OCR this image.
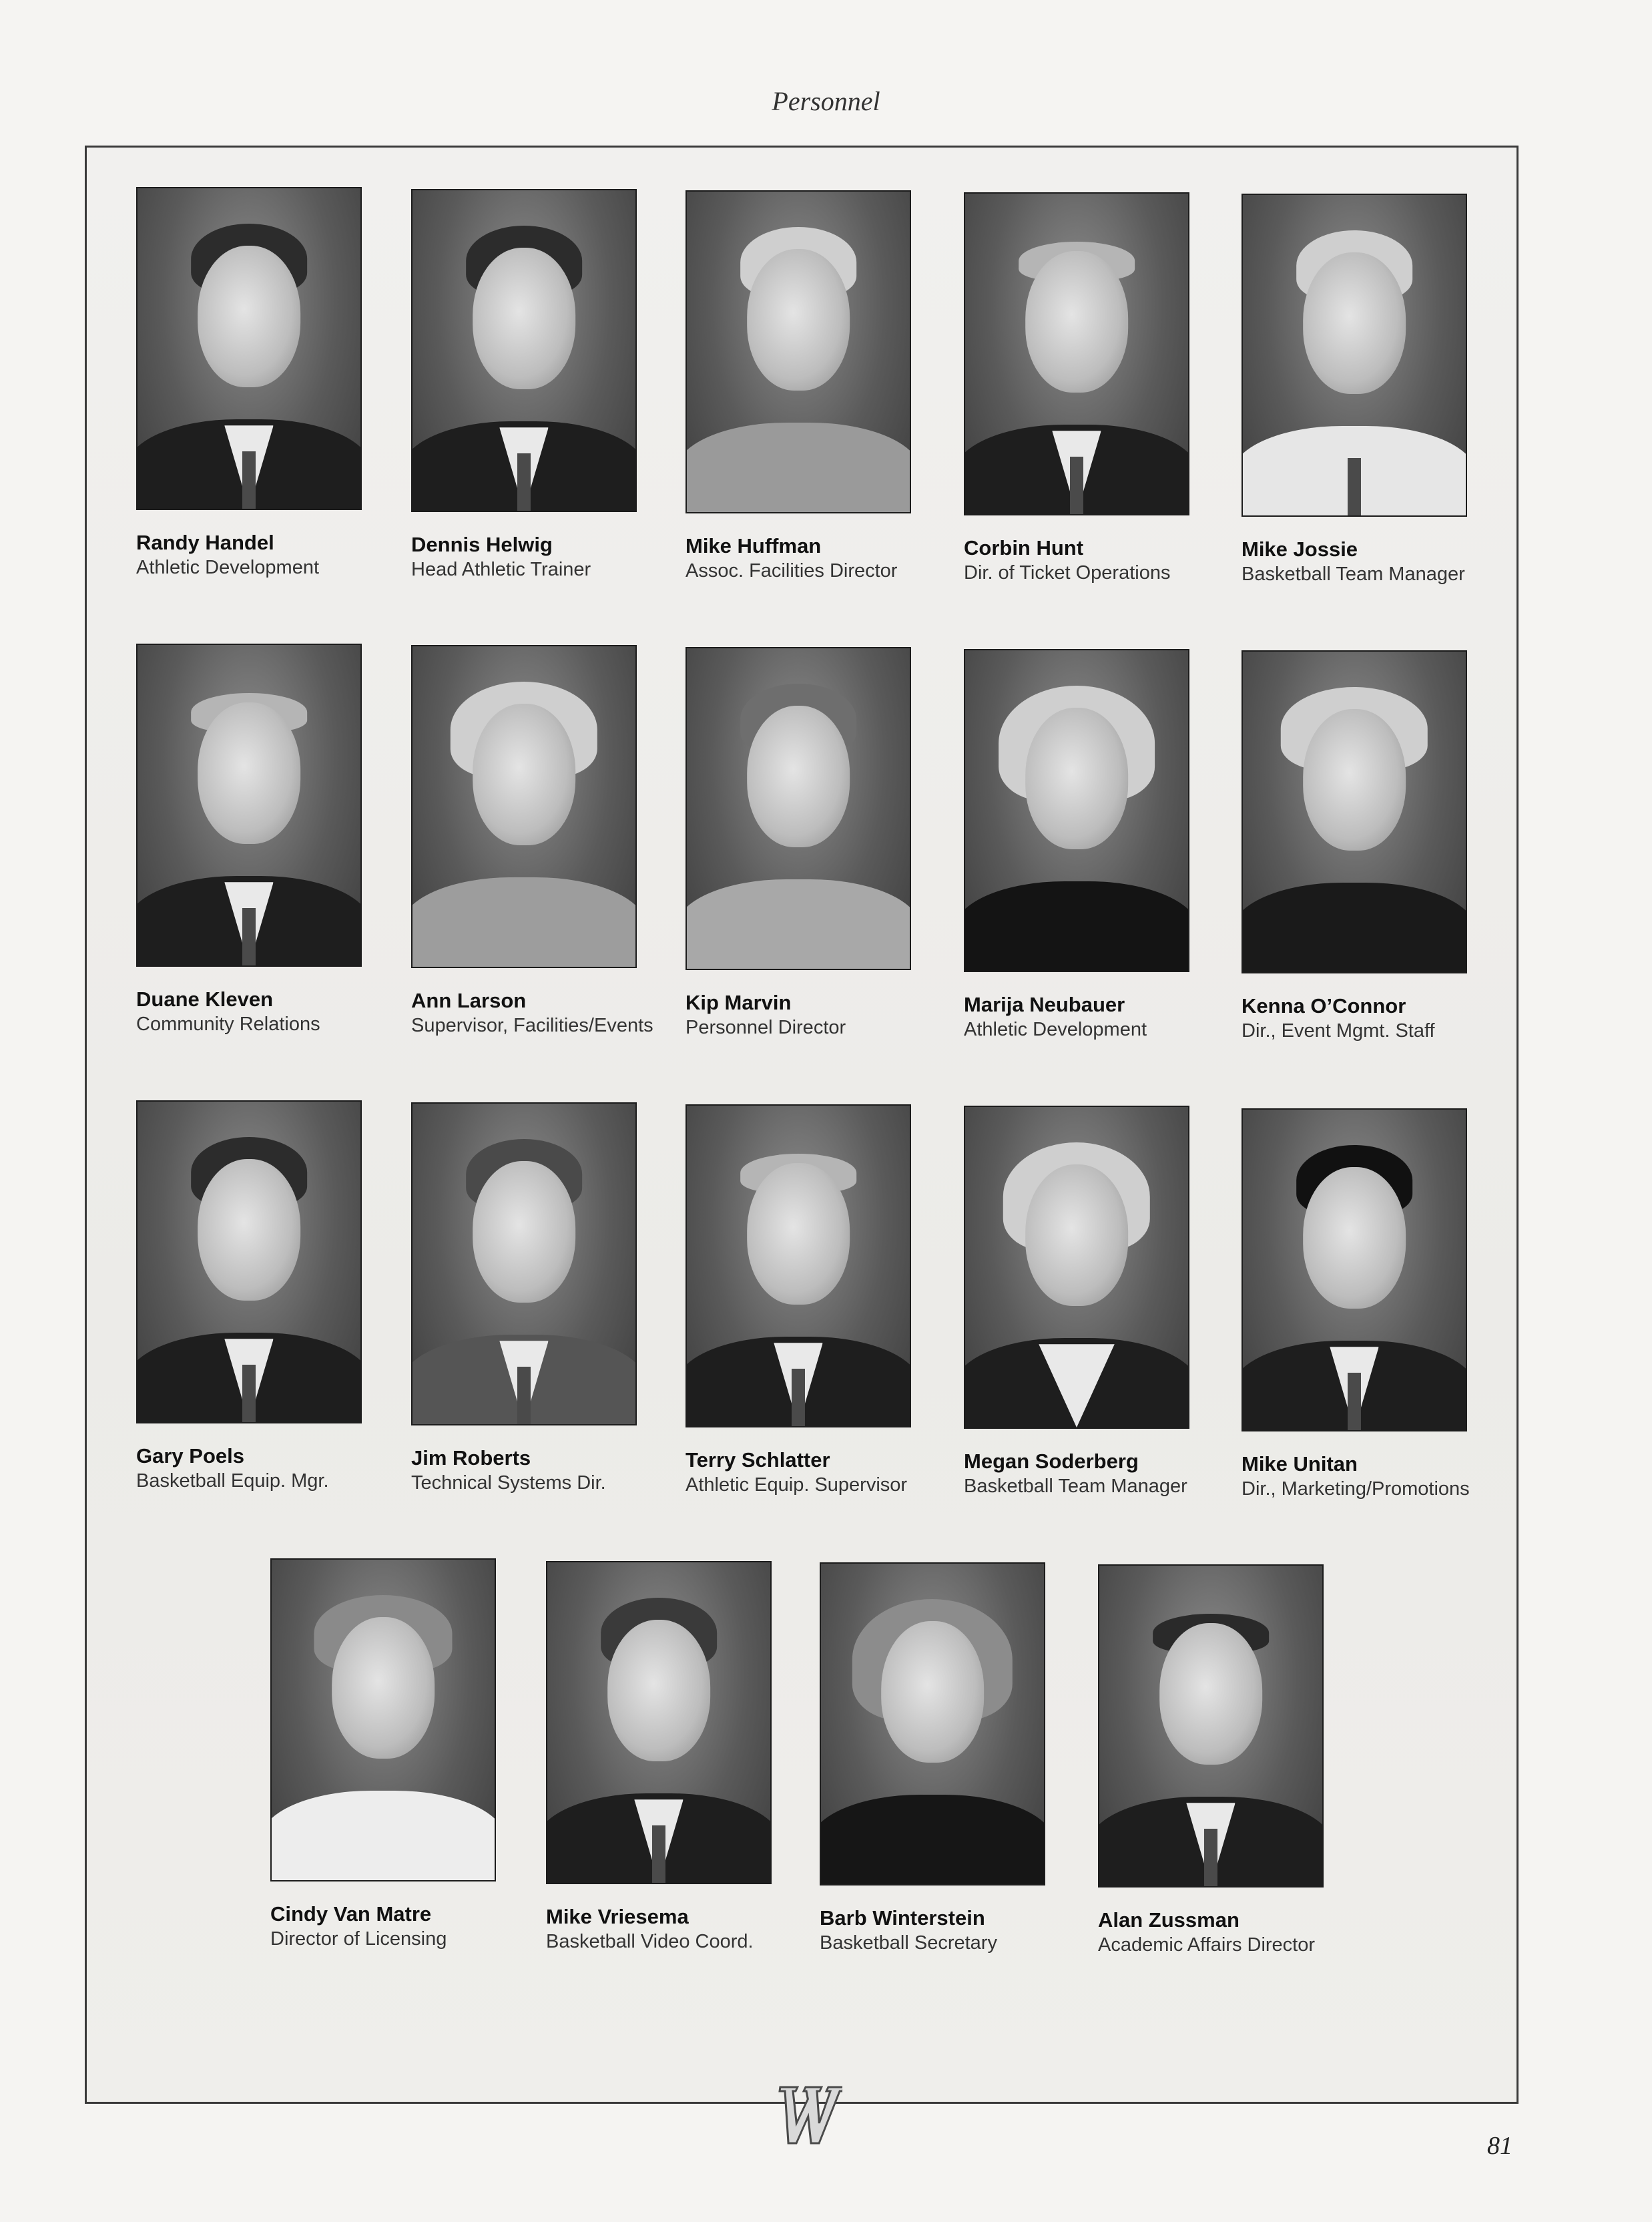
Personnel
Randy Handel
Athletic Development
Dennis Helwig
Head Athletic Trainer
Mike Huffman
Assoc. Facilities Director
Corbin Hunt
Dir. of Ticket Operations
Mike Jossie
Basketball Team Manager
Duane Kleven
Community Relations
Ann Larson
Supervisor, Facilities/Events
Kip Marvin
Personnel Director
Marija Neubauer
Athletic Development
Kenna O’Connor
Dir., Event Mgmt. Staff
Gary Poels
Basketball Equip. Mgr.
Jim Roberts
Technical Systems Dir.
Terry Schlatter
Athletic Equip. Supervisor
Megan Soderberg
Basketball Team Manager
Mike Unitan
Dir., Marketing/Promotions
Cindy Van Matre
Director of Licensing
Mike Vriesema
Basketball Video Coord.
Barb Winterstein
Basketball Secretary
Alan Zussman
Academic Affairs Director
81
